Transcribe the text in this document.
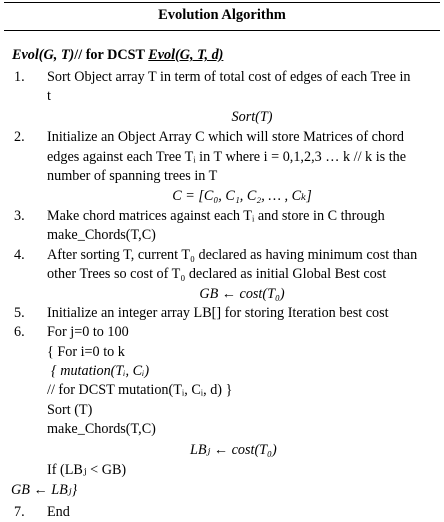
Evolution Algorithm
Evol(G, T)// for DCST Evol(G, T, d)
1. Sort Object array T in term of total cost of edges of each Tree in
t
Sort(T)
2. Initialize an Object Array C which will store Matrices of chord
edges against each Tree Tᵢ in T where i = 0,1,2,3 … k // k is the
number of spanning trees in T
C = [C₀, C₁, C₂, … , Cₖ]
3. Make chord matrices against each Tᵢ and store in C through
make_Chords(T,C)
4. After sorting T, current T₀ declared as having minimum cost than
other Trees so cost of T₀ declared as initial Global Best cost
GB ← cost(T₀)
5. Initialize an integer array LB[] for storing Iteration best cost
6. For j=0 to 100
{ For i=0 to k
{ mutation(Tᵢ, Cᵢ)
// for DCST mutation(Tᵢ, Cᵢ, d) }
Sort (T)
make_Chords(T,C)
LBⱼ ← cost(T₀)
If (LBⱼ < GB)
GB ← LBⱼ}
7. End
